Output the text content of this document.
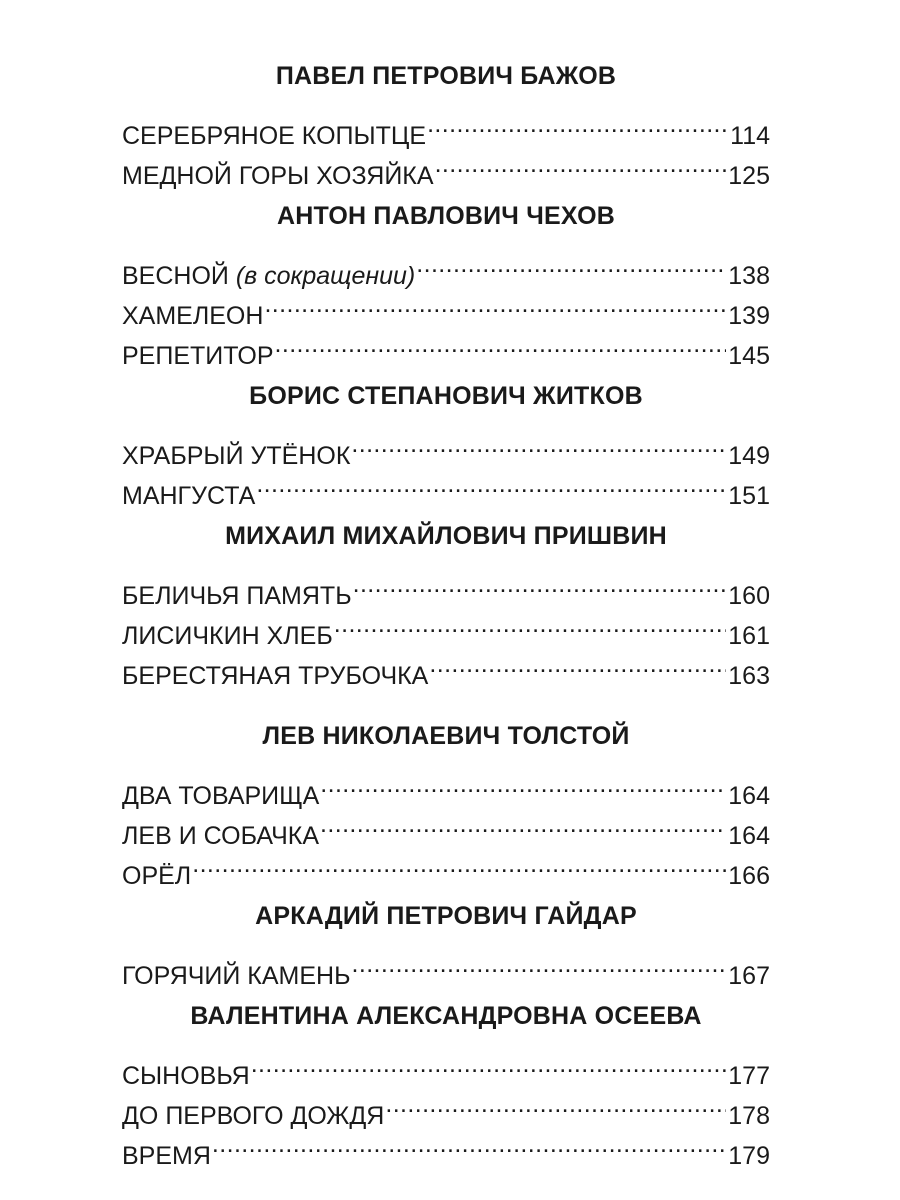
ПАВЕЛ ПЕТРОВИЧ БАЖОВ
СЕРЕБРЯНОЕ КОПЫТЦЕ .....	114
МЕДНОЙ ГОРЫ ХОЗЯЙКА .....	125
АНТОН ПАВЛОВИЧ ЧЕХОВ
ВЕСНОЙ (в сокращении) .....	138
ХАМЕЛЕОН .....	139
РЕПЕТИТОР .....	145
БОРИС СТЕПАНОВИЧ ЖИТКОВ
ХРАБРЫЙ УТЁНОК .....	149
МАНГУСТА .....	151
МИХАИЛ МИХАЙЛОВИЧ ПРИШВИН
БЕЛИЧЬЯ ПАМЯТЬ .....	160
ЛИСИЧКИН ХЛЕБ .....	161
БЕРЕСТЯНАЯ ТРУБОЧКА .....	163
ЛЕВ НИКОЛАЕВИЧ ТОЛСТОЙ
ДВА ТОВАРИЩА .....	164
ЛЕВ И СОБАЧКА .....	164
ОРЁЛ .....	166
АРКАДИЙ ПЕТРОВИЧ ГАЙДАР
ГОРЯЧИЙ КАМЕНЬ .....	167
ВАЛЕНТИНА АЛЕКСАНДРОВНА ОСЕЕВА
СЫНОВЬЯ .....	177
ДО ПЕРВОГО ДОЖДЯ .....	178
ВРЕМЯ .....	179
